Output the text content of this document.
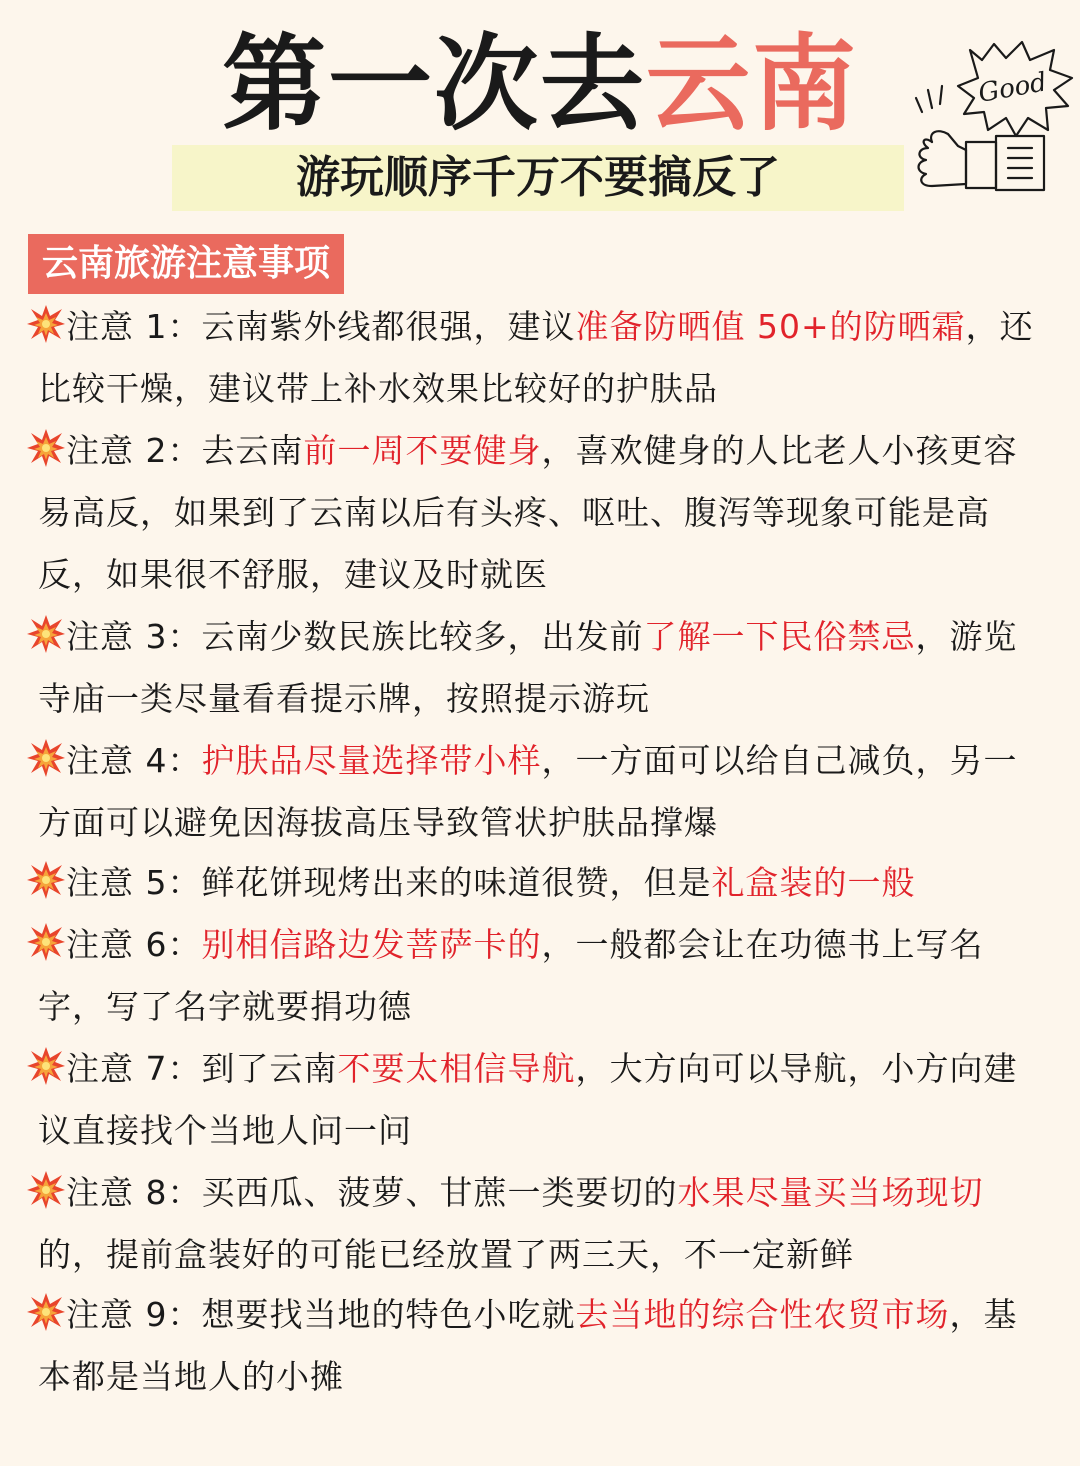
第一次去云南
游玩顺序千万不要搞反了
Good
云南旅游注意事项
注意 1：云南紫外线都很强，建议准备防晒值 50+的防晒霜，还比较干燥，建议带上补水效果比较好的护肤品
注意 2：去云南前一周不要健身，喜欢健身的人比老人小孩更容易高反，如果到了云南以后有头疼、呕吐、腹泻等现象可能是高反，如果很不舒服，建议及时就医
注意 3：云南少数民族比较多，出发前了解一下民俗禁忌，游览寺庙一类尽量看看提示牌，按照提示游玩
注意 4：护肤品尽量选择带小样，一方面可以给自己减负，另一方面可以避免因海拔高压导致管状护肤品撑爆
注意 5：鲜花饼现烤出来的味道很赞，但是礼盒装的一般
注意 6：别相信路边发菩萨卡的，一般都会让在功德书上写名字，写了名字就要捐功德
注意 7：到了云南不要太相信导航，大方向可以导航，小方向建议直接找个当地人问一问
注意 8：买西瓜、菠萝、甘蔗一类要切的水果尽量买当场现切的，提前盒装好的可能已经放置了两三天，不一定新鲜
注意 9：想要找当地的特色小吃就去当地的综合性农贸市场，基本都是当地人的小摊
